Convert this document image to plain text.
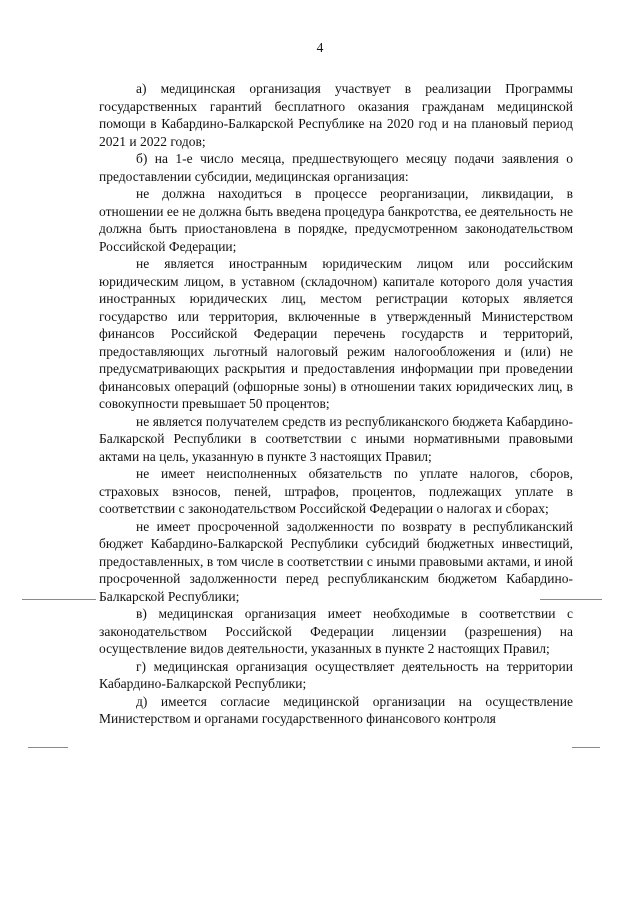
4

а) медицинская организация участвует в реализации Программы государственных гарантий бесплатного оказания гражданам медицинской помощи в Кабардино-Балкарской Республике на 2020 год и на плановый период 2021 и 2022 годов;

б) на 1-е число месяца, предшествующего месяцу подачи заявления о предоставлении субсидии, медицинская организация:

не должна находиться в процессе реорганизации, ликвидации, в отношении ее не должна быть введена процедура банкротства, ее деятельность не должна быть приостановлена в порядке, предусмотренном законодательством Российской Федерации;

не является иностранным юридическим лицом или российским юридическим лицом, в уставном (складочном) капитале которого доля участия иностранных юридических лиц, местом регистрации которых является государство или территория, включенные в утвержденный Министерством финансов Российской Федерации перечень государств и территорий, предоставляющих льготный налоговый режим налогообложения и (или) не предусматривающих раскрытия и предоставления информации при проведении финансовых операций (офшорные зоны) в отношении таких юридических лиц, в совокупности превышает 50 процентов;

не является получателем средств из республиканского бюджета Кабардино-Балкарской Республики в соответствии с иными нормативными правовыми актами на цель, указанную в пункте 3 настоящих Правил;

не имеет неисполненных обязательств по уплате налогов, сборов, страховых взносов, пеней, штрафов, процентов, подлежащих уплате в соответствии с законодательством Российской Федерации о налогах и сборах;

не имеет просроченной задолженности по возврату в республиканский бюджет Кабардино-Балкарской Республики субсидий бюджетных инвестиций, предоставленных, в том числе в соответствии с иными правовыми актами, и иной просроченной задолженности перед республиканским бюджетом Кабардино-Балкарской Республики;

в) медицинская организация имеет необходимые в соответствии с законодательством Российской Федерации лицензии (разрешения) на осуществление видов деятельности, указанных в пункте 2 настоящих Правил;

г) медицинская организация осуществляет деятельность на территории Кабардино-Балкарской Республики;

д) имеется согласие медицинской организации на осуществление Министерством и органами государственного финансового контроля
